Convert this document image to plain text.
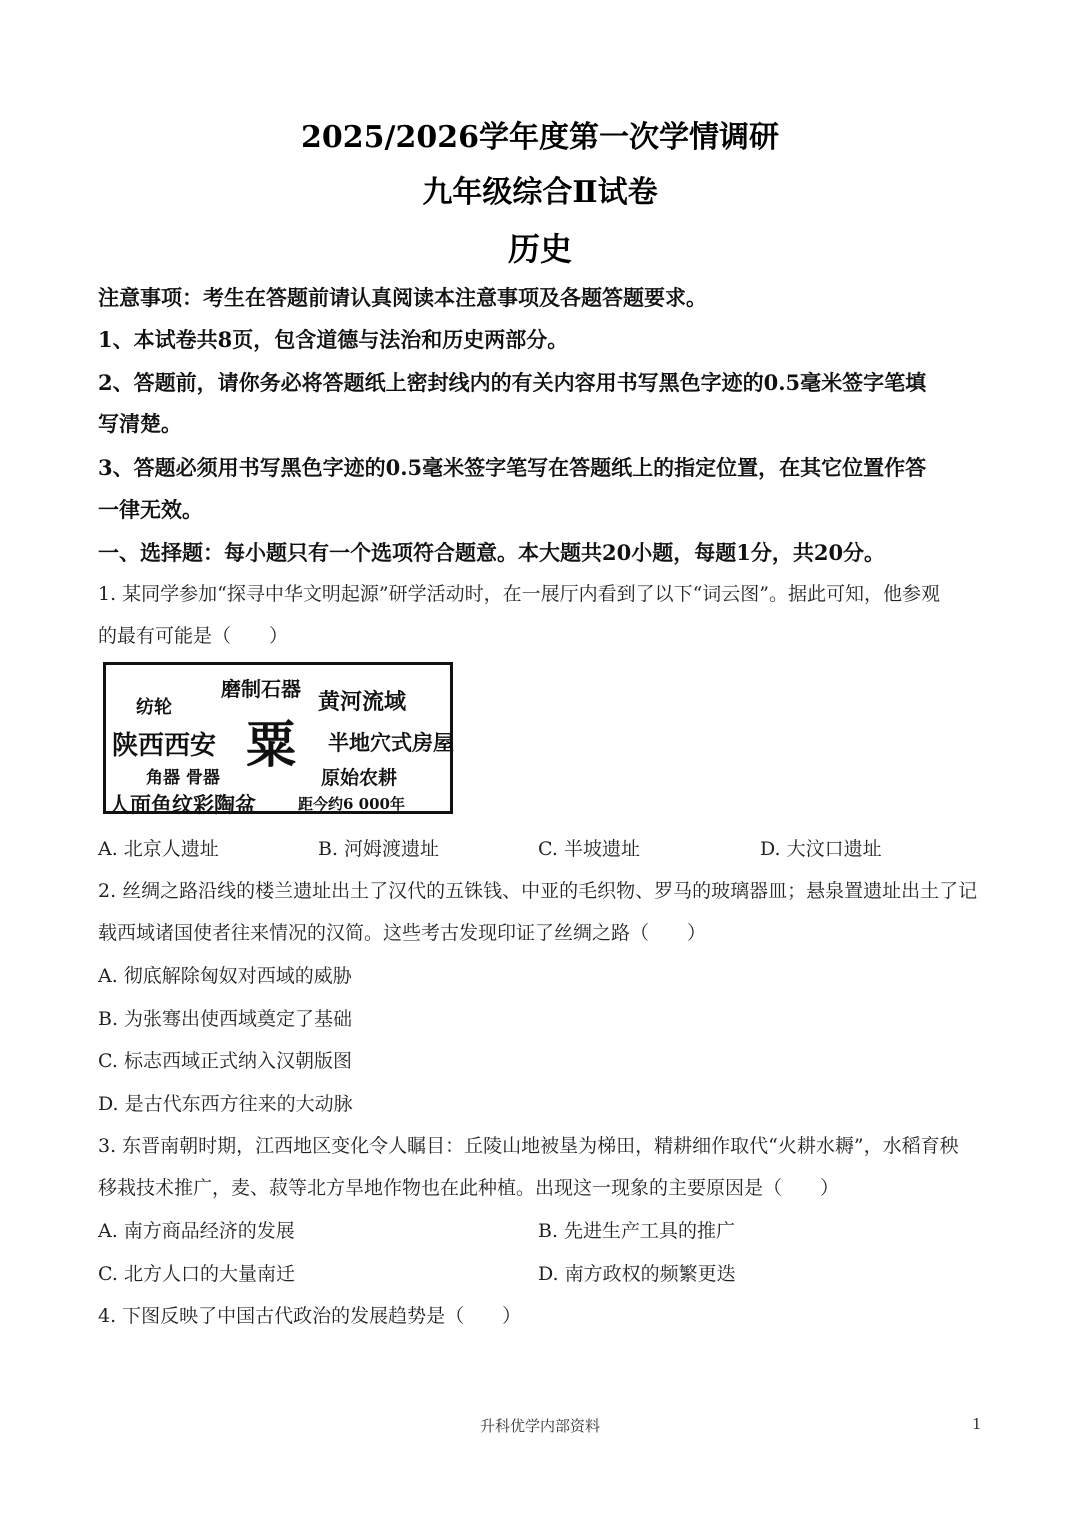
2025/2026学年度第一次学情调研
九年级综合Ⅱ试卷
历史
注意事项：考生在答题前请认真阅读本注意事项及各题答题要求。
1、本试卷共8页，包含道德与法治和历史两部分。
2、答题前，请你务必将答题纸上密封线内的有关内容用书写黑色字迹的0.5毫米签字笔填
写清楚。
3、答题必须用书写黑色字迹的0.5毫米签字笔写在答题纸上的指定位置，在其它位置作答
一律无效。
一、选择题：每小题只有一个选项符合题意。本大题共20小题，每题1分，共20分。
1. 某同学参加“探寻中华文明起源”研学活动时，在一展厅内看到了以下“词云图”。据此可知，他参观
的最有可能是（　　）
磨制石器
纺轮	黄河流域
陕西西安 粟 半地穴式房屋
角器 骨器	原始农耕
人面鱼纹彩陶盆	距今约6 000年
A. 北京人遗址	B. 河姆渡遗址	C. 半坡遗址	D. 大汶口遗址
2. 丝绸之路沿线的楼兰遗址出土了汉代的五铢钱、中亚的毛织物、罗马的玻璃器皿；悬泉置遗址出土了记
载西域诸国使者往来情况的汉简。这些考古发现印证了丝绸之路（　　）
A. 彻底解除匈奴对西域的威胁
B. 为张骞出使西域奠定了基础
C. 标志西域正式纳入汉朝版图
D. 是古代东西方往来的大动脉
3. 东晋南朝时期，江西地区变化令人瞩目：丘陵山地被垦为梯田，精耕细作取代“火耕水耨”，水稻育秧
移栽技术推广，麦、菽等北方旱地作物也在此种植。出现这一现象的主要原因是（　　）
A. 南方商品经济的发展	B. 先进生产工具的推广
C. 北方人口的大量南迁	D. 南方政权的频繁更迭
4. 下图反映了中国古代政治的发展趋势是（　　）
升科优学内部资料	1
